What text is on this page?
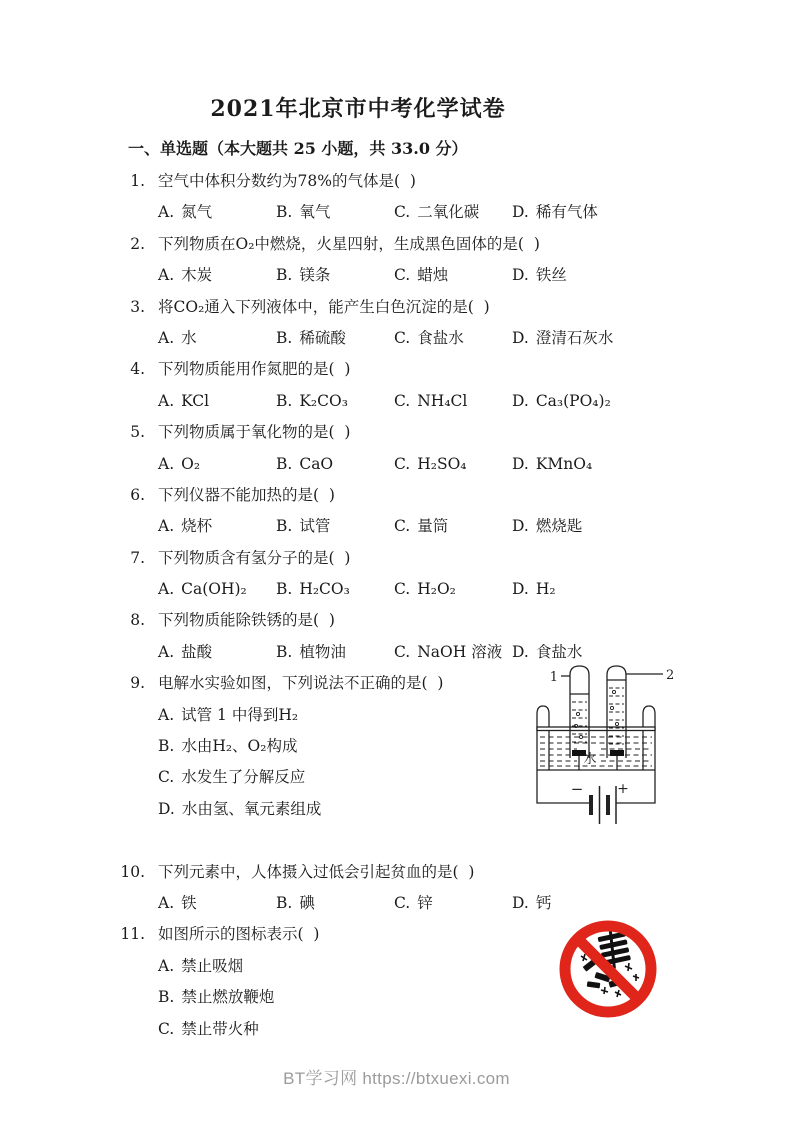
2021年北京市中考化学试卷
一、单选题（本大题共 25 小题，共 33.0 分）
1. 空气中体积分数约为78%的气体是(  )
A. 氮气	B. 氧气	C. 二氧化碳 D. 稀有气体
2. 下列物质在O₂中燃烧，火星四射，生成黑色固体的是(  )
A. 木炭	B. 镁条	C. 蜡烛	D. 铁丝
3. 将CO₂通入下列液体中，能产生白色沉淀的是(  )
A. 水	B. 稀硫酸	C. 食盐水	D. 澄清石灰水
4. 下列物质能用作氮肥的是(  )
A. KCl	B. K₂CO₃	C. NH₄Cl	D. Ca₃(PO₄)₂
5. 下列物质属于氧化物的是(  )
A. O₂	B. CaO	C. H₂SO₄	D. KMnO₄
6. 下列仪器不能加热的是(  )
A. 烧杯	B. 试管	C. 量筒	D. 燃烧匙
7. 下列物质含有氢分子的是(  )
A. Ca(OH)₂ B. H₂CO₃	C. H₂O₂	D. H₂
8. 下列物质能除铁锈的是(  )
A. 盐酸	B. 植物油	C. NaOH 溶液 D. 食盐水
9. 电解水实验如图，下列说法不正确的是(  )
A. 试管 1 中得到H₂
B. 水由H₂、O₂构成
C. 水发生了分解反应
D. 水由氢、氧元素组成
10. 下列元素中，人体摄入过低会引起贫血的是(  )
A. 铁	B. 碘	C. 锌	D. 钙
11. 如图所示的图标表示(  )
A. 禁止吸烟
B. 禁止燃放鞭炮
C. 禁止带火种
1	2
水
− +
BT学习网 https://btxuexi.com
